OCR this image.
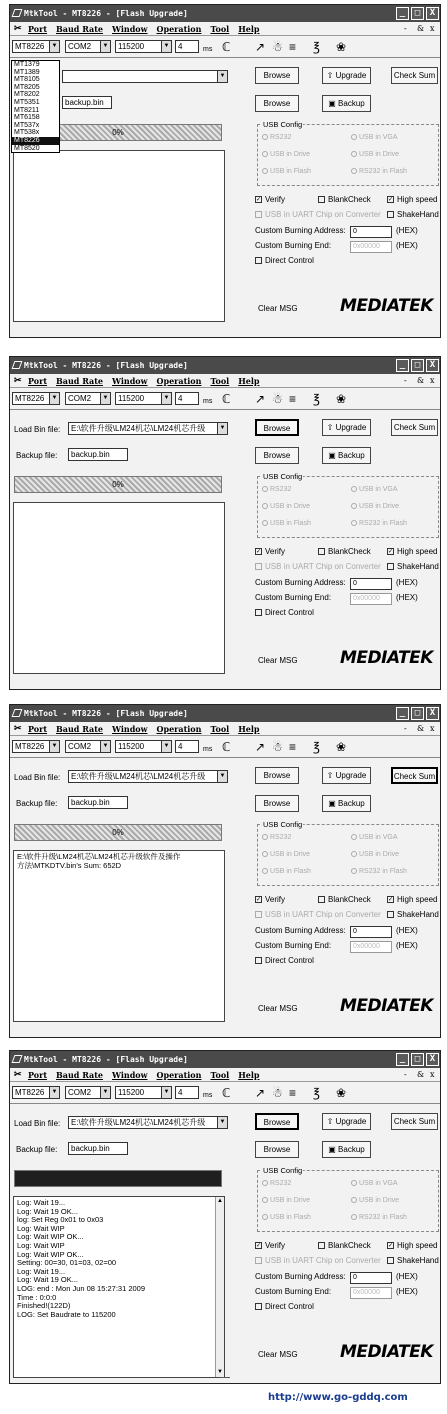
MtkTool - MT8226 - [Flash Upgrade]	_	□	X
✂ Port Baud Rate Window Operation Tool Help	- & x
MT8226	▼	COM2	▼	115200	▼	4	ms ℂ ↗ ☃ ≡ ℥ ❀
▼
backup.bin
0%
Browse	⇧ Upgrade	Check Sum
Browse	▣ Backup
USB Config
RS232	USB in VGA
USB in Drive	USB in Drive
USB in Flash	RS232 in Flash
✓ Verify	BlankCheck	✓ High speed
USB in UART Chip on Converter	ShakeHand
Custom Burning Address:	0	(HEX)
Custom Burning End:	0x00000	(HEX)
Direct Control
Clear MSG MEDIATEK
MT1379
MT1389
MT8105
MT8205
MT8202
MT5351
MT8211
MT6158
MT537x
MT538x
MT8226
MT8520
MtkTool - MT8226 - [Flash Upgrade]	_	□	X
✂ Port Baud Rate Window Operation Tool Help	- & x
MT8226	▼	COM2	▼	115200	▼	4	ms ℂ ↗ ☃ ≡ ℥ ❀
Load Bin file:	E:\软件升级\LM24机芯\LM24机芯升级	▼
Backup file:	backup.bin
0%
Browse	⇧ Upgrade	Check Sum
Browse	▣ Backup
USB Config
RS232	USB in VGA
USB in Drive	USB in Drive
USB in Flash	RS232 in Flash
✓ Verify	BlankCheck	✓ High speed
USB in UART Chip on Converter	ShakeHand
Custom Burning Address:	0	(HEX)
Custom Burning End:	0x00000	(HEX)
Direct Control
Clear MSG MEDIATEK
MtkTool - MT8226 - [Flash Upgrade]	_	□	X
✂ Port Baud Rate Window Operation Tool Help	- & x
MT8226	▼	COM2	▼	115200	▼	4	ms ℂ ↗ ☃ ≡ ℥ ❀
Load Bin file:	E:\软件升级\LM24机芯\LM24机芯升级	▼
Backup file:	backup.bin
0%
E:\软件升级\LM24机芯\LM24机芯升级软件及操作
方法\MTKDTV.bin's Sum: 652D
Browse	⇧ Upgrade	Check Sum
Browse	▣ Backup
USB Config
RS232	USB in VGA
USB in Drive	USB in Drive
USB in Flash	RS232 in Flash
✓ Verify	BlankCheck	✓ High speed
USB in UART Chip on Converter	ShakeHand
Custom Burning Address:	0	(HEX)
Custom Burning End:	0x00000	(HEX)
Direct Control
Clear MSG MEDIATEK
MtkTool - MT8226 - [Flash Upgrade]	_	□	X
✂ Port Baud Rate Window Operation Tool Help	- & x
MT8226	▼	COM2	▼	115200	▼	4	ms ℂ ↗ ☃ ≡ ℥ ❀
Load Bin file:	E:\软件升级\LM24机芯\LM24机芯升级	▼
Backup file:	backup.bin
100%
Log: Wait 19...
Log: Wait 19 OK...
log: Set Reg 0x01 to 0x03
Log: Wait WIP
Log: Wait WIP OK...
Log: Wait WIP
Log: Wait WIP OK...
Setting: 00=30, 01=03, 02=00
Log: Wait 19...
Log: Wait 19 OK...
LOG: end : Mon Jun 08 15:27:31 2009
Time : 0:0:0
Finished!(122D)
LOG: Set Baudrate to 115200
▲
▼
Browse	⇧ Upgrade	Check Sum
Browse	▣ Backup
USB Config
RS232	USB in VGA
USB in Drive	USB in Drive
USB in Flash	RS232 in Flash
✓ Verify	BlankCheck	✓ High speed
USB in UART Chip on Converter	ShakeHand
Custom Burning Address:	0	(HEX)
Custom Burning End:	0x00000	(HEX)
Direct Control
Clear MSG MEDIATEK
http://www.go-gddq.com
